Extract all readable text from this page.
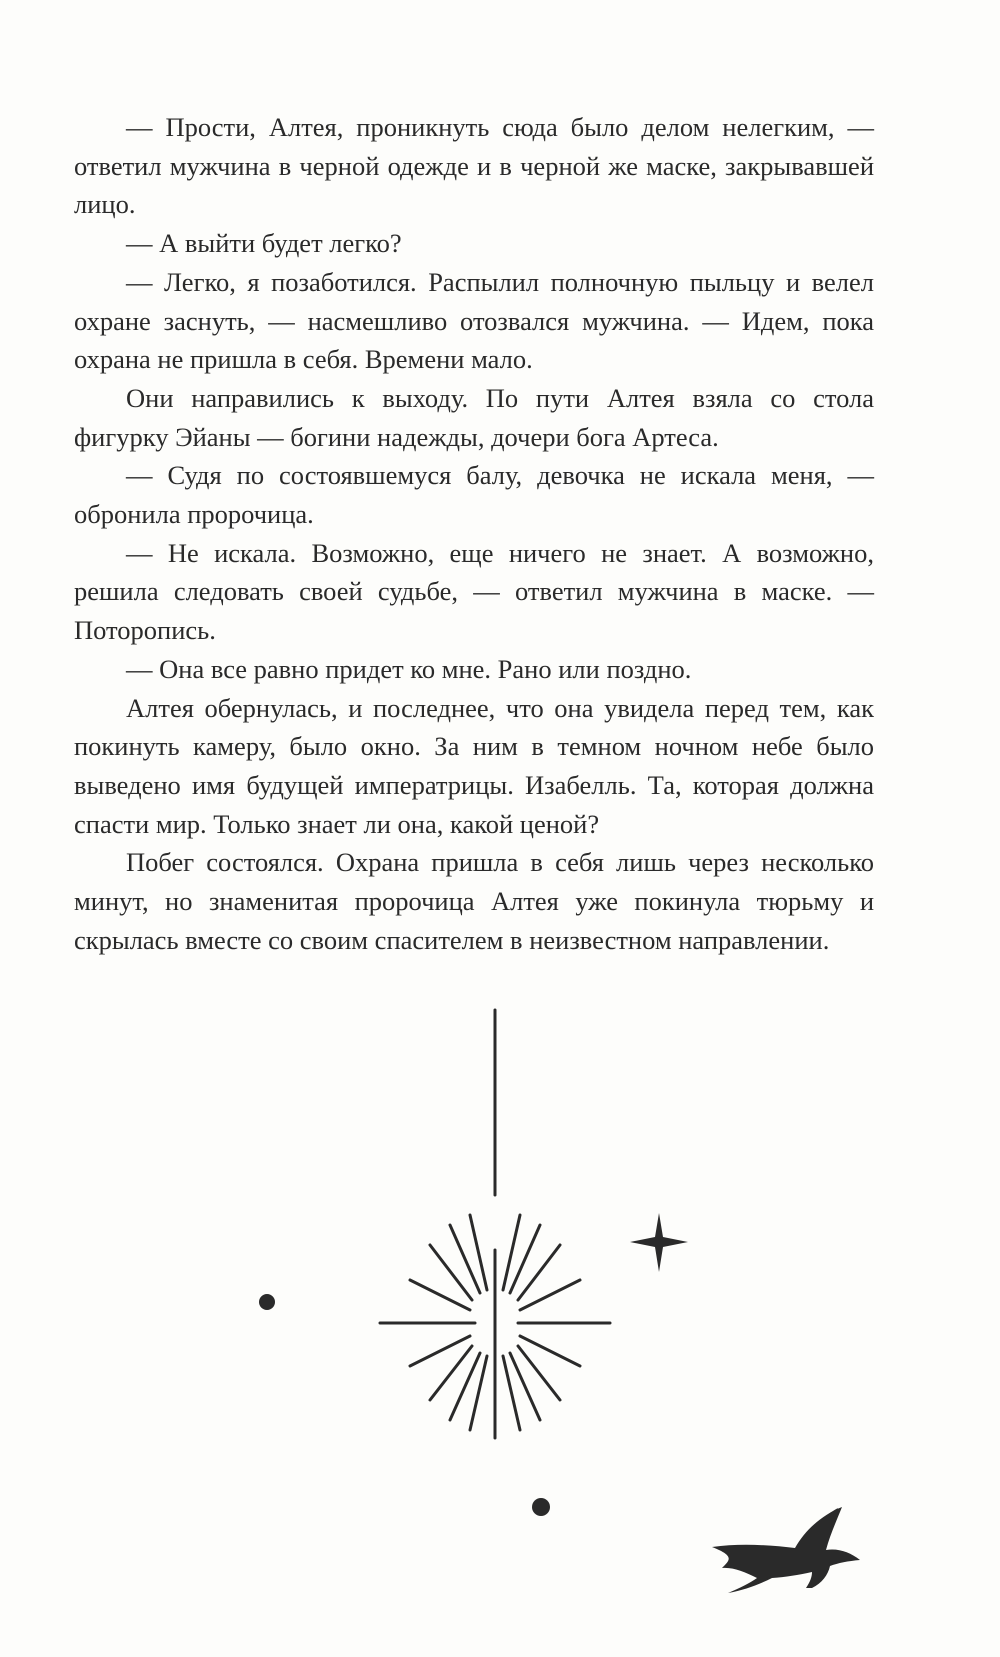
— Прости, Алтея, проникнуть сюда было делом нелегким, — ответил мужчина в черной одежде и в черной же маске, закрывавшей лицо.

— А выйти будет легко?

— Легко, я позаботился. Распылил полночную пыльцу и велел охране заснуть, — насмешливо отозвался мужчина. — Идем, пока охрана не пришла в себя. Времени мало.

Они направились к выходу. По пути Алтея взяла со стола фигурку Эйаны — богини надежды, дочери бога Артеса.

— Судя по состоявшемуся балу, девочка не искала меня, — обронила пророчица.

— Не искала. Возможно, еще ничего не знает. А возможно, решила следовать своей судьбе, — ответил мужчина в маске. — Поторопись.

— Она все равно придет ко мне. Рано или поздно.

Алтея обернулась, и последнее, что она увидела перед тем, как покинуть камеру, было окно. За ним в темном ночном небе было выведено имя будущей императрицы. Изабелль. Та, которая должна спасти мир. Только знает ли она, какой ценой?

Побег состоялся. Охрана пришла в себя лишь через несколько минут, но знаменитая пророчица Алтея уже покинула тюрьму и скрылась вместе со своим спасителем в неизвестном направлении.
